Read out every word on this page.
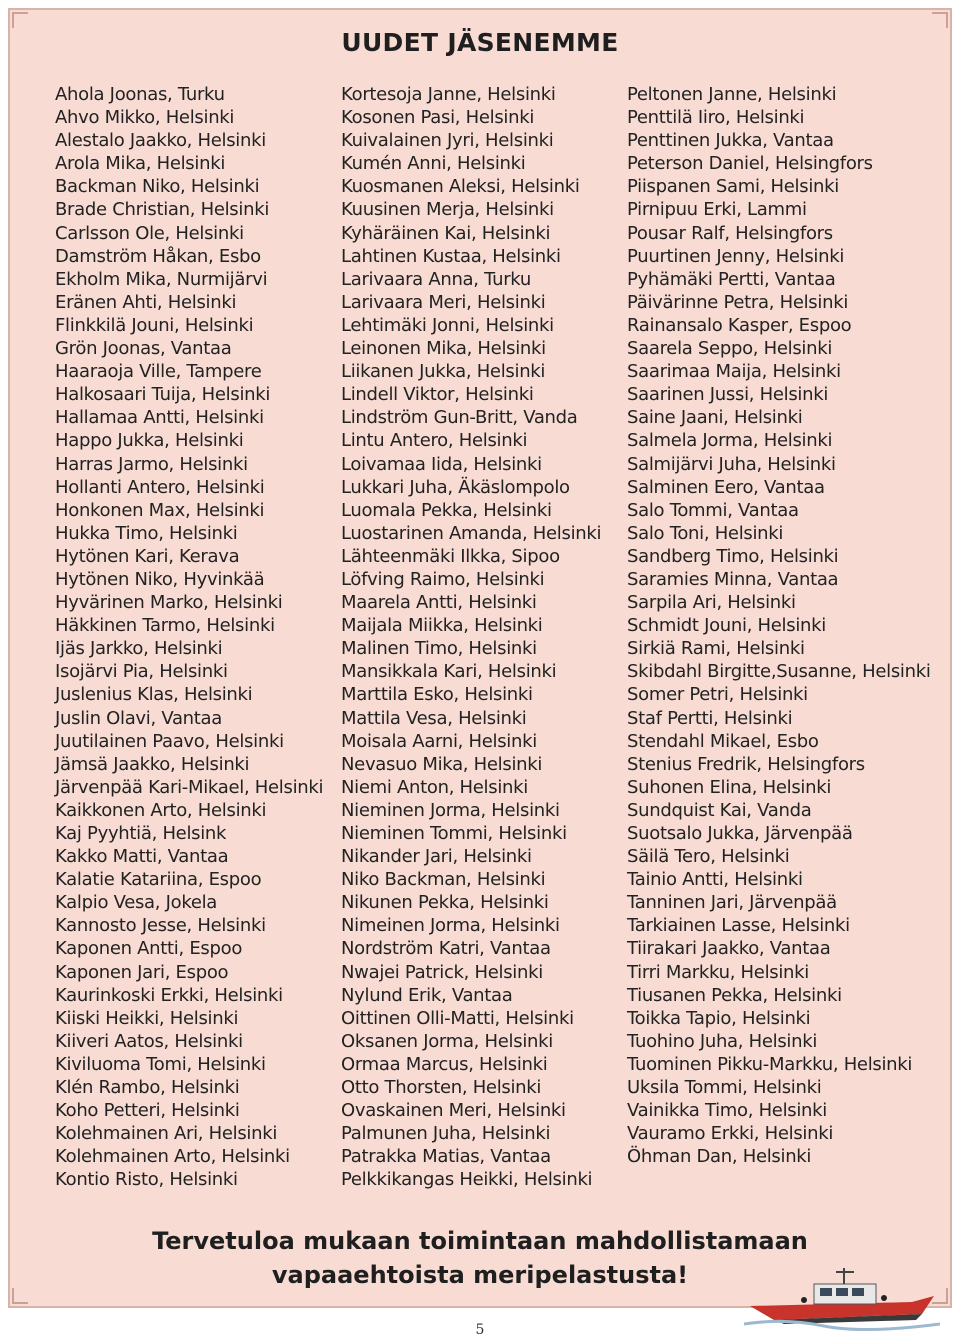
UUDET JÄSENEMME
Ahola Joonas, Turku
Ahvo Mikko, Helsinki
Alestalo Jaakko, Helsinki
Arola Mika, Helsinki
Backman Niko, Helsinki
Brade Christian, Helsinki
Carlsson Ole, Helsinki
Damström Håkan, Esbo
Ekholm Mika, Nurmijärvi
Eränen Ahti, Helsinki
Flinkkilä Jouni, Helsinki
Grön Joonas, Vantaa
Haaraoja Ville, Tampere
Halkosaari Tuija, Helsinki
Hallamaa Antti, Helsinki
Happo Jukka, Helsinki
Harras Jarmo, Helsinki
Hollanti Antero, Helsinki
Honkonen Max, Helsinki
Hukka Timo, Helsinki
Hytönen Kari, Kerava
Hytönen Niko, Hyvinkää
Hyvärinen Marko, Helsinki
Häkkinen Tarmo, Helsinki
Ijäs Jarkko, Helsinki
Isojärvi Pia, Helsinki
Juslenius Klas, Helsinki
Juslin Olavi, Vantaa
Juutilainen Paavo, Helsinki
Jämsä Jaakko, Helsinki
Järvenpää Kari-Mikael, Helsinki
Kaikkonen Arto, Helsinki
Kaj Pyyhtiä, Helsink
Kakko Matti, Vantaa
Kalatie Katariina, Espoo
Kalpio Vesa, Jokela
Kannosto Jesse, Helsinki
Kaponen Antti, Espoo
Kaponen Jari, Espoo
Kaurinkoski Erkki, Helsinki
Kiiski Heikki, Helsinki
Kiiveri Aatos, Helsinki
Kiviluoma Tomi, Helsinki
Klén Rambo, Helsinki
Koho Petteri, Helsinki
Kolehmainen Ari, Helsinki
Kolehmainen Arto, Helsinki
Kontio Risto, Helsinki
Kortesoja Janne, Helsinki
Kosonen Pasi, Helsinki
Kuivalainen Jyri, Helsinki
Kumén Anni, Helsinki
Kuosmanen Aleksi, Helsinki
Kuusinen Merja, Helsinki
Kyhäräinen Kai, Helsinki
Lahtinen Kustaa, Helsinki
Larivaara Anna, Turku
Larivaara Meri, Helsinki
Lehtimäki Jonni, Helsinki
Leinonen Mika, Helsinki
Liikanen Jukka, Helsinki
Lindell Viktor, Helsinki
Lindström Gun-Britt, Vanda
Lintu Antero, Helsinki
Loivamaa Iida, Helsinki
Lukkari Juha, Äkäslompolo
Luomala Pekka, Helsinki
Luostarinen Amanda, Helsinki
Lähteenmäki Ilkka, Sipoo
Löfving Raimo, Helsinki
Maarela Antti, Helsinki
Maijala Miikka, Helsinki
Malinen Timo, Helsinki
Mansikkala Kari, Helsinki
Marttila Esko, Helsinki
Mattila Vesa, Helsinki
Moisala Aarni, Helsinki
Nevasuo Mika, Helsinki
Niemi Anton, Helsinki
Nieminen Jorma, Helsinki
Nieminen Tommi, Helsinki
Nikander Jari, Helsinki
Niko Backman, Helsinki
Nikunen Pekka, Helsinki
Nimeinen Jorma, Helsinki
Nordström Katri, Vantaa
Nwajei Patrick, Helsinki
Nylund Erik, Vantaa
Oittinen Olli-Matti, Helsinki
Oksanen Jorma, Helsinki
Ormaa Marcus, Helsinki
Otto Thorsten, Helsinki
Ovaskainen Meri, Helsinki
Palmunen Juha, Helsinki
Patrakka Matias, Vantaa
Pelkkikangas Heikki, Helsinki
Peltonen Janne, Helsinki
Penttilä Iiro, Helsinki
Penttinen Jukka, Vantaa
Peterson Daniel, Helsingfors
Piispanen Sami, Helsinki
Pirnipuu Erki, Lammi
Pousar Ralf, Helsingfors
Puurtinen Jenny, Helsinki
Pyhämäki Pertti, Vantaa
Päivärinne Petra, Helsinki
Rainansalo Kasper, Espoo
Saarela Seppo, Helsinki
Saarimaa Maija, Helsinki
Saarinen Jussi, Helsinki
Saine Jaani, Helsinki
Salmela Jorma, Helsinki
Salmijärvi Juha, Helsinki
Salminen Eero, Vantaa
Salo Tommi, Vantaa
Salo Toni, Helsinki
Sandberg Timo, Helsinki
Saramies Minna, Vantaa
Sarpila Ari, Helsinki
Schmidt Jouni, Helsinki
Sirkiä Rami, Helsinki
Skibdahl Birgitte,Susanne, Helsinki
Somer Petri, Helsinki
Staf Pertti, Helsinki
Stendahl Mikael, Esbo
Stenius Fredrik, Helsingfors
Suhonen Elina, Helsinki
Sundquist Kai, Vanda
Suotsalo Jukka, Järvenpää
Säilä Tero, Helsinki
Tainio Antti, Helsinki
Tanninen Jari, Järvenpää
Tarkiainen Lasse, Helsinki
Tiirakari Jaakko, Vantaa
Tirri Markku, Helsinki
Tiusanen Pekka, Helsinki
Toikka Tapio, Helsinki
Tuohino Juha, Helsinki
Tuominen Pikku-Markku, Helsinki
Uksila Tommi, Helsinki
Vainikka Timo, Helsinki
Vauramo Erkki, Helsinki
Öhman Dan, Helsinki
Tervetuloa mukaan toimintaan mahdollistamaan
vapaaehtoista meripelastusta!
5
